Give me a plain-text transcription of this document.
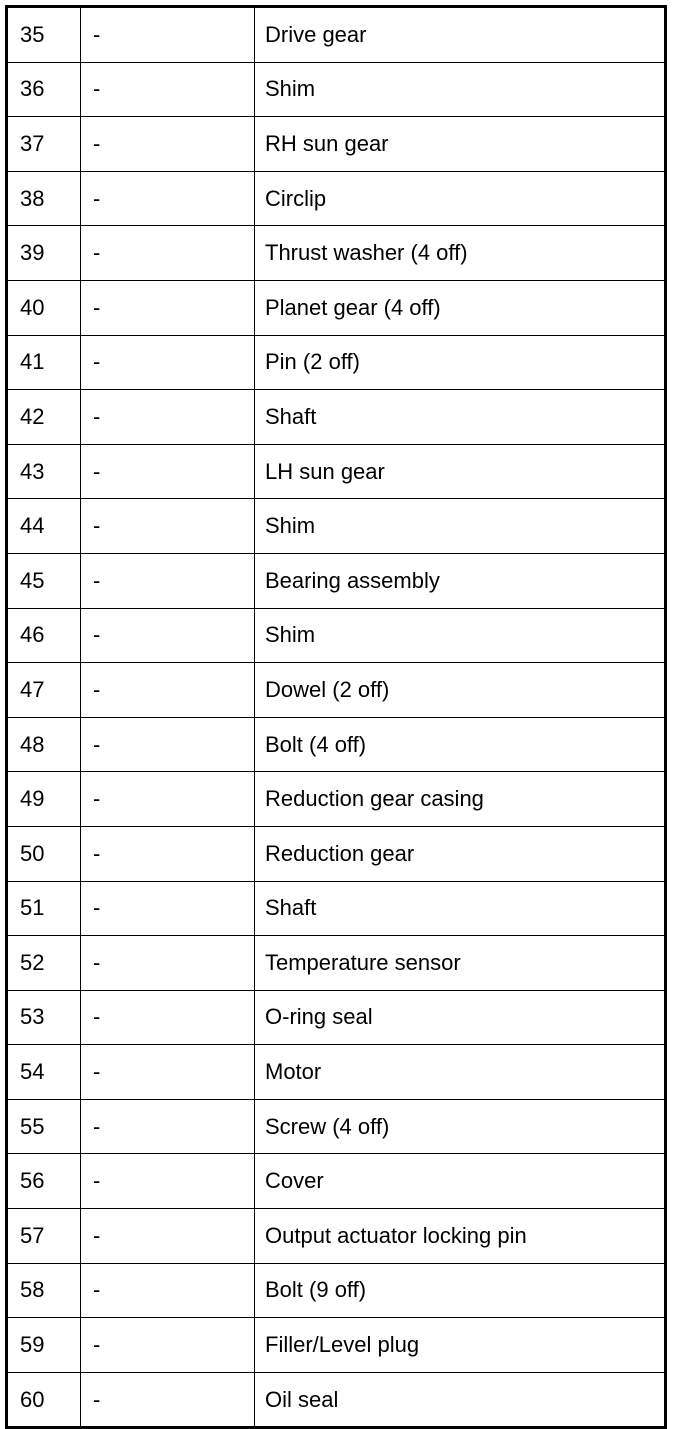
35	-	Drive gear
36	-	Shim
37	-	RH sun gear
38	-	Circlip
39	-	Thrust washer (4 off)
40	-	Planet gear (4 off)
41	-	Pin (2 off)
42	-	Shaft
43	-	LH sun gear
44	-	Shim
45	-	Bearing assembly
46	-	Shim
47	-	Dowel (2 off)
48	-	Bolt (4 off)
49	-	Reduction gear casing
50	-	Reduction gear
51	-	Shaft
52	-	Temperature sensor
53	-	O-ring seal
54	-	Motor
55	-	Screw (4 off)
56	-	Cover
57	-	Output actuator locking pin
58	-	Bolt (9 off)
59	-	Filler/Level plug
60	-	Oil seal
